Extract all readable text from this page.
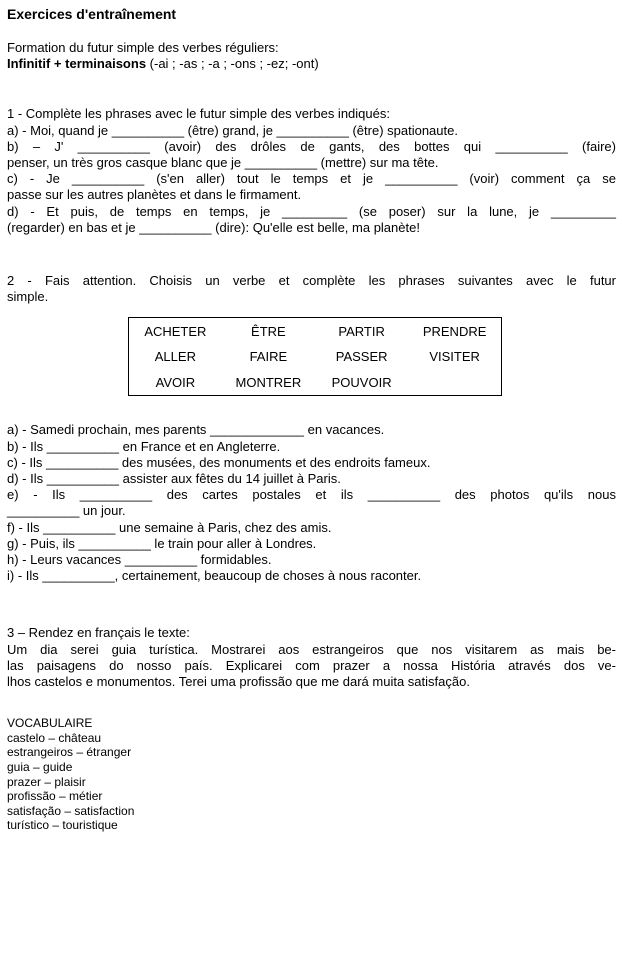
Exercices d'entraînement
Formation du futur simple des verbes réguliers:
Infinitif + terminaisons (-ai ; -as ; -a ; -ons ; -ez; -ont)
1 - Complète les phrases avec le futur simple des verbes indiqués:
a) - Moi, quand je __________ (être) grand, je __________ (être) spationaute.
b) – J' __________ (avoir) des drôles de gants, des bottes qui __________ (faire)
penser, un très gros casque blanc que je __________ (mettre) sur ma tête.
c) - Je __________ (s'en aller) tout le temps et je __________ (voir) comment ça se
passe sur les autres planètes et dans le firmament.
d) - Et puis, de temps en temps, je _________ (se poser) sur la lune, je _________
(regarder) en bas et je __________ (dire): Qu'elle est belle, ma planète!
2 - Fais attention. Choisis un verbe et complète les phrases suivantes avec le futur
simple.
ACHETER	ÊTRE	PARTIR	PRENDRE
ALLER	FAIRE	PASSER	VISITER
AVOIR	MONTRER	POUVOIR	
a) - Samedi prochain, mes parents _____________ en vacances.
b) - Ils __________ en France et en Angleterre.
c) - Ils __________ des musées, des monuments et des endroits fameux.
d) - Ils __________ assister aux fêtes du 14 juillet à Paris.
e) - Ils __________ des cartes postales et ils __________ des photos qu'ils nous
__________ un jour.
f) - Ils __________ une semaine à Paris, chez des amis.
g) - Puis, ils __________ le train pour aller à Londres.
h) - Leurs vacances __________ formidables.
i) - Ils __________, certainement, beaucoup de choses à nous raconter.
3 – Rendez en français le texte:
Um dia serei guia turística. Mostrarei aos estrangeiros que nos visitarem as mais be-
las paisagens do nosso país. Explicarei com prazer a nossa História através dos ve-
lhos castelos e monumentos. Terei uma profissão que me dará muita satisfação.
VOCABULAIRE
castelo – château
estrangeiros – étranger
guia – guide
prazer – plaisir
profissão – métier
satisfação – satisfaction
turístico – touristique
